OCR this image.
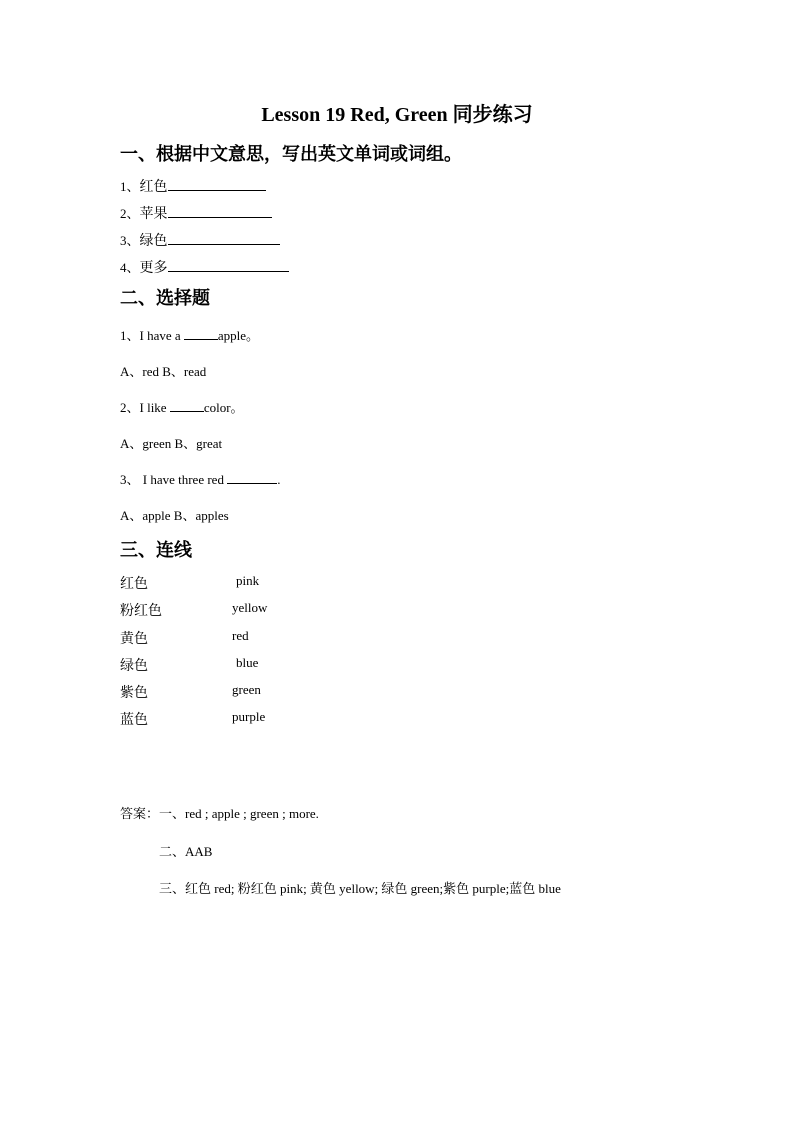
Lesson 19 Red, Green 同步练习
一、根据中文意思，写出英文单词或词组。
1、红色
2、苹果
3、绿色
4、更多
二、选择题
1、I have a	apple。
A、red B、read
2、I like	color。
A、green B、great
3、 I have three red	.
A、apple B、apples
三、连线
红色	pink
粉红色	yellow
黄色	red
绿色	blue
紫色	green
蓝色	purple
答案：一、red ; apple ; green ; more.
二、AAB
三、红色 red; 粉红色 pink; 黄色 yellow; 绿色 green;紫色 purple;蓝色 blue
